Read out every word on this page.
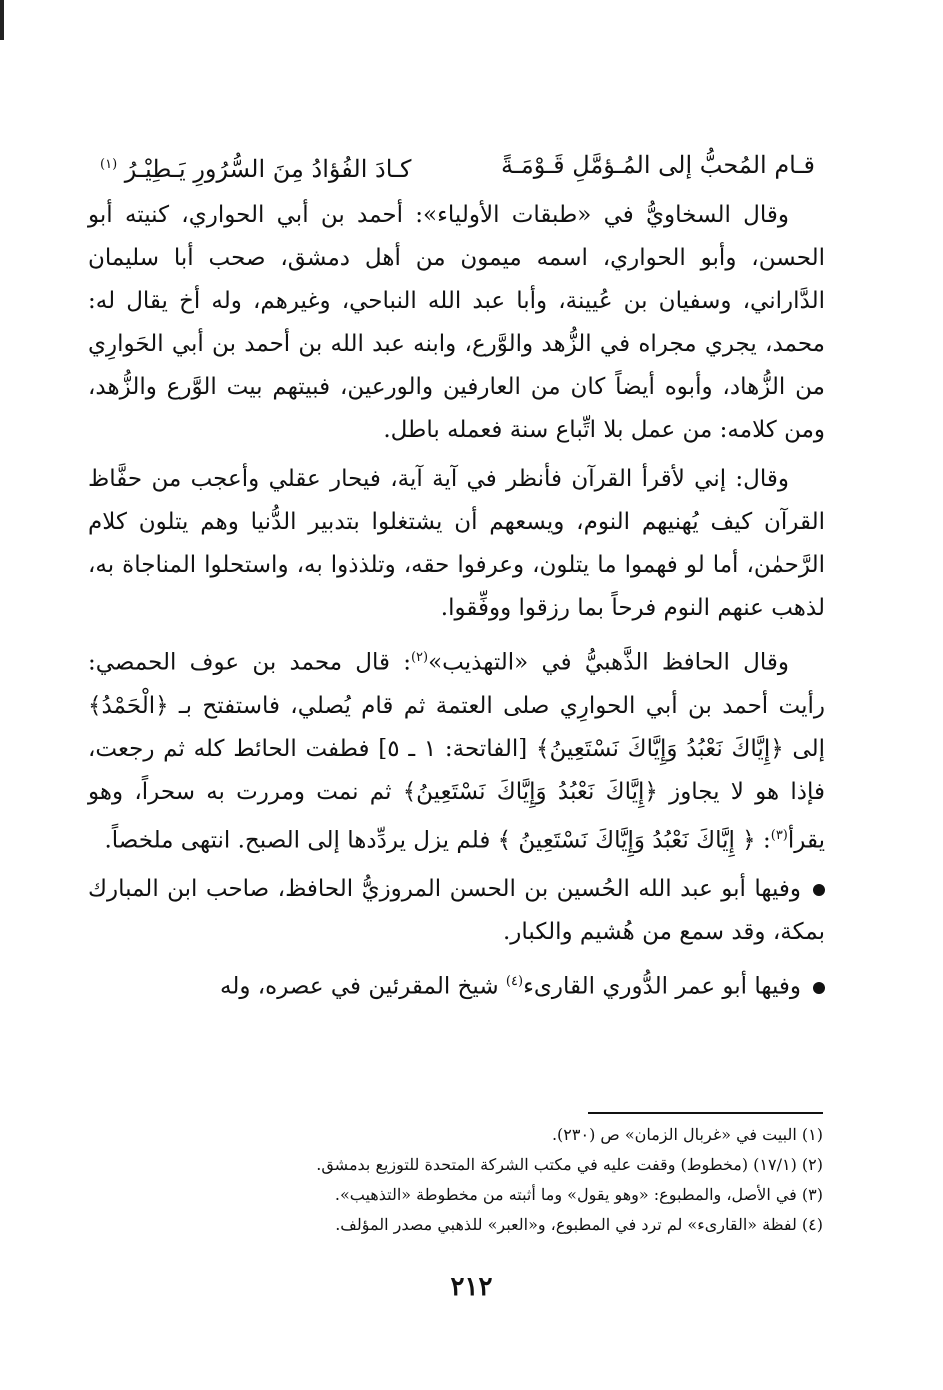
قـام المُحبُّ إلى المُـؤمَّلِ قَـوْمَـةً
كـادَ الفُؤادُ مِنَ السُّرُورِ يَـطِيْـرُ $^{(١)}$

وقال السخاويُّ في «طبقات الأولياء»: أحمد بن أبي الحواري، كنيته أبو الحسن، وأبو الحواري، اسمه ميمون من أهل دمشق، صحب أبا سليمان الدَّاراني، وسفيان بن عُيينة، وأبا عبد الله النباحي، وغيرهم، وله أخ يقال له: محمد، يجري مجراه في الزُّهد والوَّرع، وابنه عبد الله بن أحمد بن أبي الحَوارِي من الزُّهاد، وأبوه أيضاً كان من العارفين والورعين، فبيتهم بيت الوَّرع والزُّهد، ومن كلامه: من عمل بلا اتِّباع سنة فعمله باطل.

وقال: إني لأقرأ القرآن فأنظر في آية آية، فيحار عقلي وأعجب من حفَّاظ القرآن كيف يُهنيهم النوم، ويسعهم أن يشتغلوا بتدبير الدُّنيا وهم يتلون كلام الرَّحمٰن، أما لو فهموا ما يتلون، وعرفوا حقه، وتلذذوا به، واستحلوا المناجاة به، لذهب عنهم النوم فرحاً بما رزقوا ووفِّقوا.

وقال الحافظ الذَّهبيُّ في «التهذيب»$^{(٢)}$: قال محمد بن عوف الحمصي: رأيت أحمد بن أبي الحوارِي صلى العتمة ثم قام يُصلي، فاستفتح بـ ﴿الْحَمْدُ﴾ إلى ﴿إِيَّاكَ نَعْبُدُ وَإِيَّاكَ نَسْتَعِينُ﴾ [الفاتحة: ١ ـ ٥] فطفت الحائط كله ثم رجعت، فإذا هو لا يجاوز ﴿إِيَّاكَ نَعْبُدُ وَإِيَّاكَ نَسْتَعِينُ﴾ ثم نمت ومررت به سحراً، وهو يقرأ$^{(٣)}$: ﴿ إِيَّاكَ نَعْبُدُ وَإِيَّاكَ نَسْتَعِينُ ﴾ فلم يزل يردِّدها إلى الصبح. انتهى ملخصاً.

وفيها أبو عبد الله الحُسين بن الحسن المروزيُّ الحافظ، صاحب ابن المبارك بمكة، وقد سمع من هُشيم والكبار.
وفيها أبو عمر الدُّوري القارىء$^{(٤)}$ شيخ المقرئين في عصره، وله
(١) البيت في «غربال الزمان» ص (٢٣٠).
(٢) (١٧/١) (مخطوط) وقفت عليه في مكتب الشركة المتحدة للتوزيع بدمشق.
(٣) في الأصل، والمطبوع: «وهو يقول» وما أثبته من مخطوطة «التذهيب».
(٤) لفظة «القارىء» لم ترد في المطبوع، و«العبر» للذهبي مصدر المؤلف.
٢١٢
